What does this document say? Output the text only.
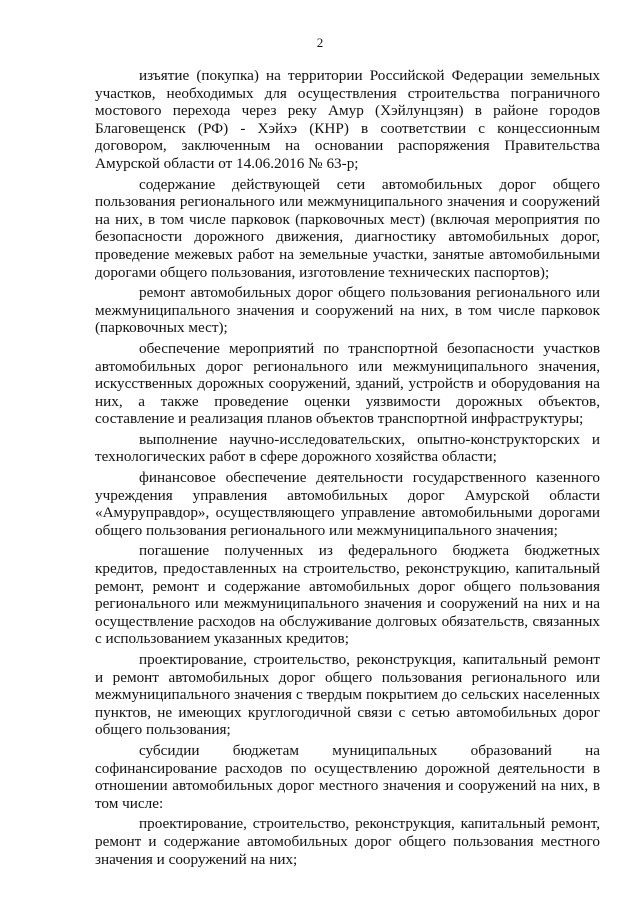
2

изъятие (покупка) на территории Российской Федерации земельных участков, необходимых для осуществления строительства пограничного мостового перехода через реку Амур (Хэйлунцзян) в районе городов Благовещенск (РФ) - Хэйхэ (КНР) в соответствии с концессионным договором, заключенным на основании распоряжения Правительства Амурской области от 14.06.2016 № 63-р;

содержание действующей сети автомобильных дорог общего пользования регионального или межмуниципального значения и сооружений на них, в том числе парковок (парковочных мест) (включая мероприятия по безопасности дорожного движения, диагностику автомобильных дорог, проведение межевых работ на земельные участки, занятые автомобильными дорогами общего пользования, изготовление технических паспортов);

ремонт автомобильных дорог общего пользования регионального или межмуниципального значения и сооружений на них, в том числе парковок (парковочных мест);

обеспечение мероприятий по транспортной безопасности участков автомобильных дорог регионального или межмуниципального значения, искусственных дорожных сооружений, зданий, устройств и оборудования на них, а также проведение оценки уязвимости дорожных объектов, составление и реализация планов объектов транспортной инфраструктуры;

выполнение научно-исследовательских, опытно-конструкторских и технологических работ в сфере дорожного хозяйства области;

финансовое обеспечение деятельности государственного казенного учреждения управления автомобильных дорог Амурской области «Амуруправдор», осуществляющего управление автомобильными дорогами общего пользования регионального или межмуниципального значения;

погашение полученных из федерального бюджета бюджетных кредитов, предоставленных на строительство, реконструкцию, капитальный ремонт, ремонт и содержание автомобильных дорог общего пользования регионального или межмуниципального значения и сооружений на них и на осуществление расходов на обслуживание долговых обязательств, связанных с использованием указанных кредитов;

проектирование, строительство, реконструкция, капитальный ремонт и ремонт автомобильных дорог общего пользования регионального или межмуниципального значения с твердым покрытием до сельских населенных пунктов, не имеющих круглогодичной связи с сетью автомобильных дорог общего пользования;

субсидии бюджетам муниципальных образований на софинансирование расходов по осуществлению дорожной деятельности в отношении автомобильных дорог местного значения и сооружений на них, в том числе:

проектирование, строительство, реконструкция, капитальный ремонт, ремонт и содержание автомобильных дорог общего пользования местного значения и сооружений на них;
